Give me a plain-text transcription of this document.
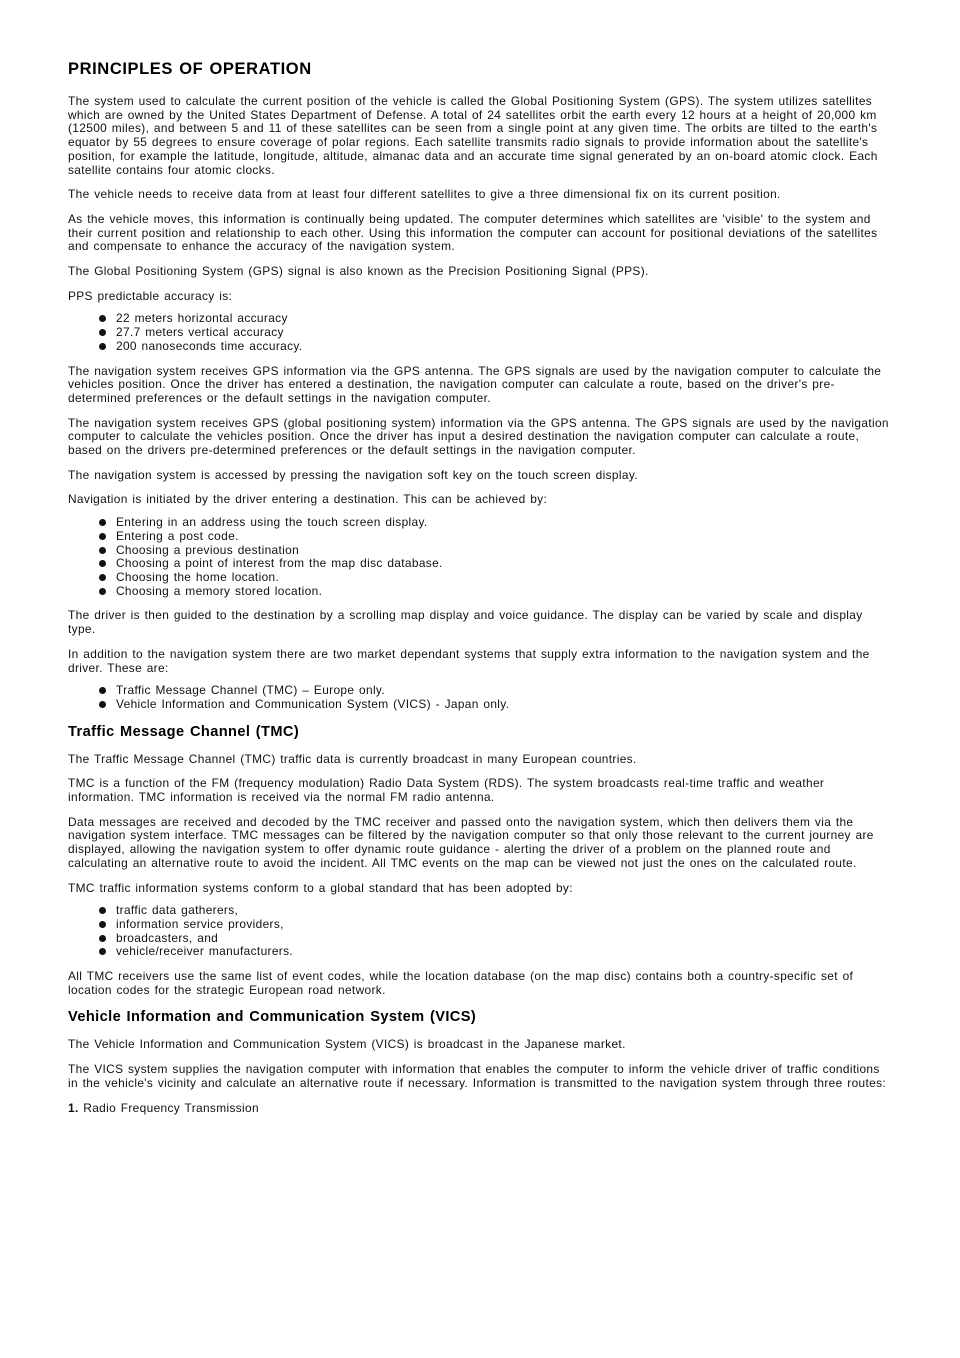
PRINCIPLES OF OPERATION

The system used to calculate the current position of the vehicle is called the Global Positioning System (GPS). The system utilizes satellites which are owned by the United States Department of Defense. A total of 24 satellites orbit the earth every 12 hours at a height of 20,000 km (12500 miles), and between 5 and 11 of these satellites can be seen from a single point at any given time. The orbits are tilted to the earth's equator by 55 degrees to ensure coverage of polar regions. Each satellite transmits radio signals to provide information about the satellite's position, for example the latitude, longitude, altitude, almanac data and an accurate time signal generated by an on-board atomic clock. Each satellite contains four atomic clocks.

The vehicle needs to receive data from at least four different satellites to give a three dimensional fix on its current position.

As the vehicle moves, this information is continually being updated. The computer determines which satellites are 'visible' to the system and their current position and relationship to each other. Using this information the computer can account for positional deviations of the satellites and compensate to enhance the accuracy of the navigation system.

The Global Positioning System (GPS) signal is also known as the Precision Positioning Signal (PPS).

PPS predictable accuracy is:

22 meters horizontal accuracy
27.7 meters vertical accuracy
200 nanoseconds time accuracy.

The navigation system receives GPS information via the GPS antenna. The GPS signals are used by the navigation computer to calculate the vehicles position. Once the driver has entered a destination, the navigation computer can calculate a route, based on the driver's pre-determined preferences or the default settings in the navigation computer.

The navigation system receives GPS (global positioning system) information via the GPS antenna. The GPS signals are used by the navigation computer to calculate the vehicles position. Once the driver has input a desired destination the navigation computer can calculate a route, based on the drivers pre-determined preferences or the default settings in the navigation computer.

The navigation system is accessed by pressing the navigation soft key on the touch screen display.

Navigation is initiated by the driver entering a destination. This can be achieved by:

Entering in an address using the touch screen display.
Entering a post code.
Choosing a previous destination
Choosing a point of interest from the map disc database.
Choosing the home location.
Choosing a memory stored location.

The driver is then guided to the destination by a scrolling map display and voice guidance. The display can be varied by scale and display type.

In addition to the navigation system there are two market dependant systems that supply extra information to the navigation system and the driver. These are:

Traffic Message Channel (TMC) – Europe only.
Vehicle Information and Communication System (VICS) - Japan only.
Traffic Message Channel (TMC)

The Traffic Message Channel (TMC) traffic data is currently broadcast in many European countries.

TMC is a function of the FM (frequency modulation) Radio Data System (RDS). The system broadcasts real-time traffic and weather information. TMC information is received via the normal FM radio antenna.

Data messages are received and decoded by the TMC receiver and passed onto the navigation system, which then delivers them via the navigation system interface. TMC messages can be filtered by the navigation computer so that only those relevant to the current journey are displayed, allowing the navigation system to offer dynamic route guidance - alerting the driver of a problem on the planned route and calculating an alternative route to avoid the incident. All TMC events on the map can be viewed not just the ones on the calculated route.

TMC traffic information systems conform to a global standard that has been adopted by:

traffic data gatherers,
information service providers,
broadcasters, and
vehicle/receiver manufacturers.

All TMC receivers use the same list of event codes, while the location database (on the map disc) contains both a country-specific set of location codes for the strategic European road network.

Vehicle Information and Communication System (VICS)

The Vehicle Information and Communication System (VICS) is broadcast in the Japanese market.

The VICS system supplies the navigation computer with information that enables the computer to inform the vehicle driver of traffic conditions in the vehicle's vicinity and calculate an alternative route if necessary. Information is transmitted to the navigation system through three routes:

1. Radio Frequency Transmission
